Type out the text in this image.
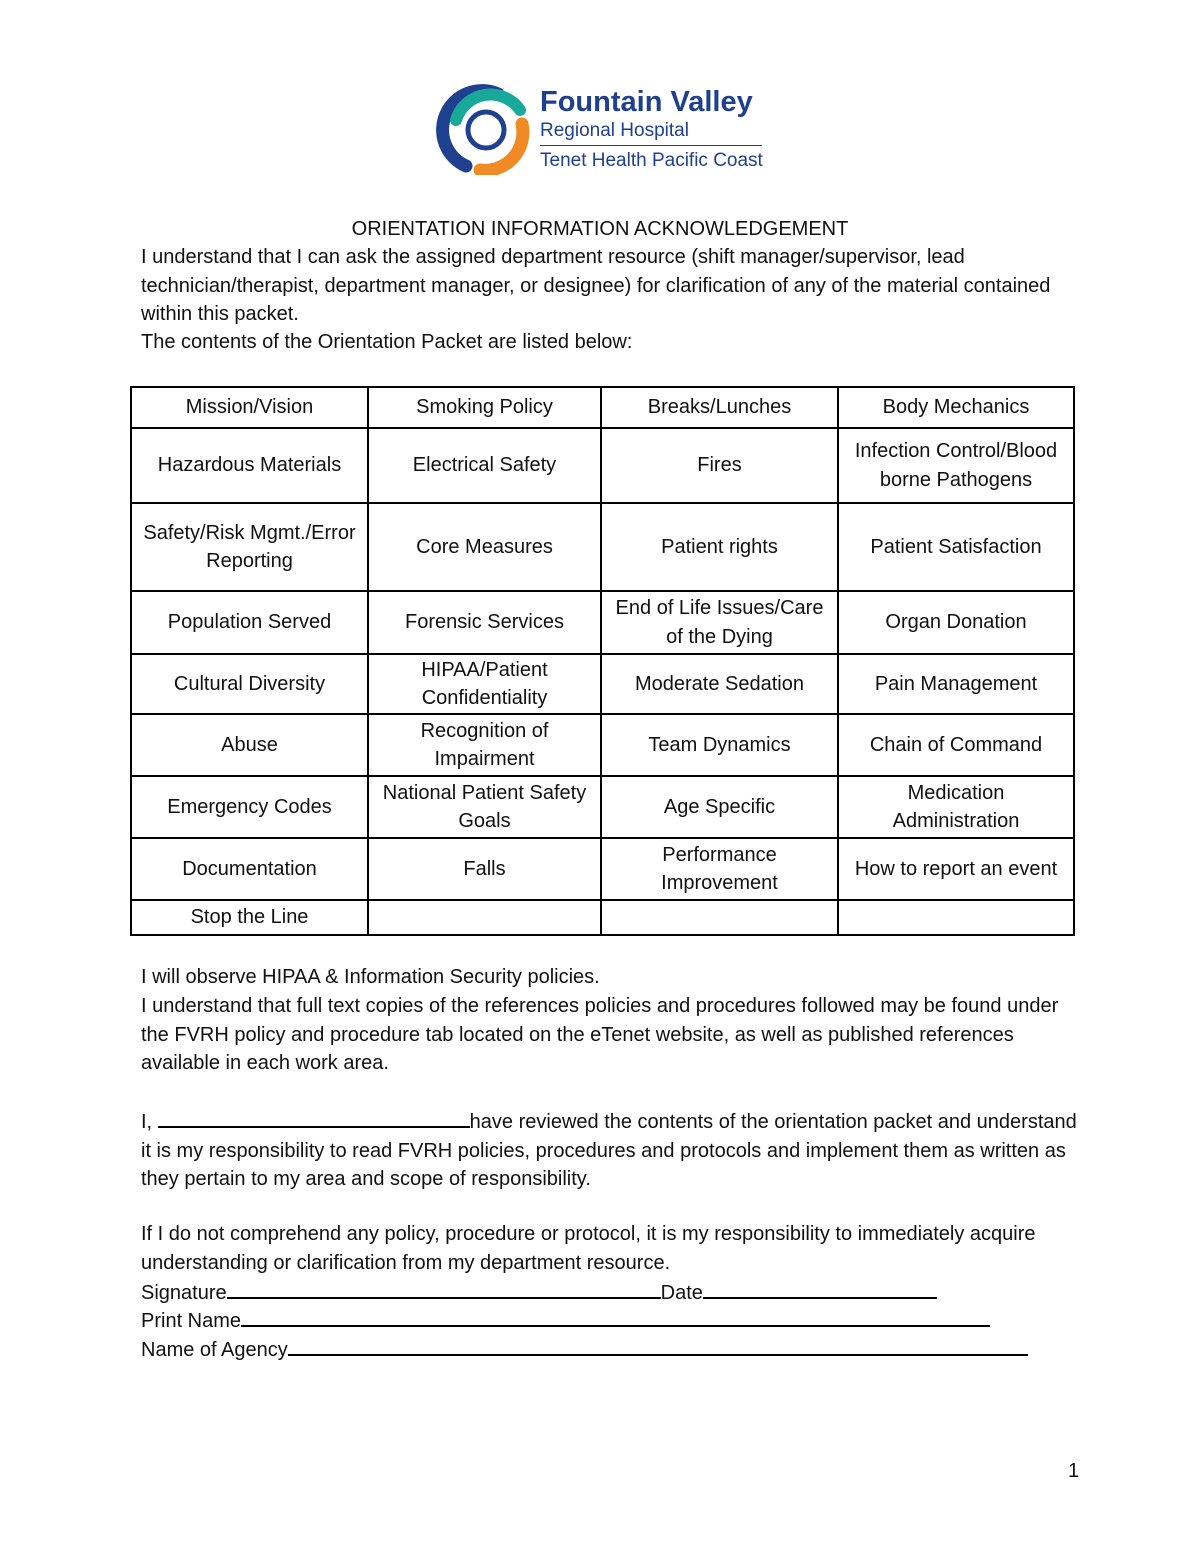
Fountain Valley
Regional Hospital
Tenet Health Pacific Coast
ORIENTATION INFORMATION ACKNOWLEDGEMENT

I understand that I can ask the assigned department resource (shift manager/supervisor, lead technician/therapist, department manager, or designee) for clarification of any of the material contained within this packet.

The contents of the Orientation Packet are listed below:

Mission/Vision	Smoking Policy	Breaks/Lunches	Body Mechanics
Hazardous Materials	Electrical Safety	Fires	Infection Control/Blood borne Pathogens
Safety/Risk Mgmt./Error Reporting	Core Measures	Patient rights	Patient Satisfaction
Population Served	Forensic Services	End of Life Issues/Care of the Dying	Organ Donation
Cultural Diversity	HIPAA/Patient Confidentiality	Moderate Sedation	Pain Management
Abuse	Recognition of Impairment	Team Dynamics	Chain of Command
Emergency Codes	National Patient Safety Goals	Age Specific	Medication Administration
Documentation	Falls	Performance Improvement	How to report an event
Stop the Line			

I will observe HIPAA & Information Security policies.

I understand that full text copies of the references policies and procedures followed may be found under the FVRH policy and procedure tab located on the eTenet website, as well as published references available in each work area.

I,	have reviewed the contents of the orientation packet and understand it is my responsibility to read FVRH policies, procedures and protocols and implement them as written as they pertain to my area and scope of responsibility.

If I do not comprehend any policy, procedure or protocol, it is my responsibility to immediately acquire understanding or clarification from my department resource.

Signature	Date
Print Name
Name of Agency
1
